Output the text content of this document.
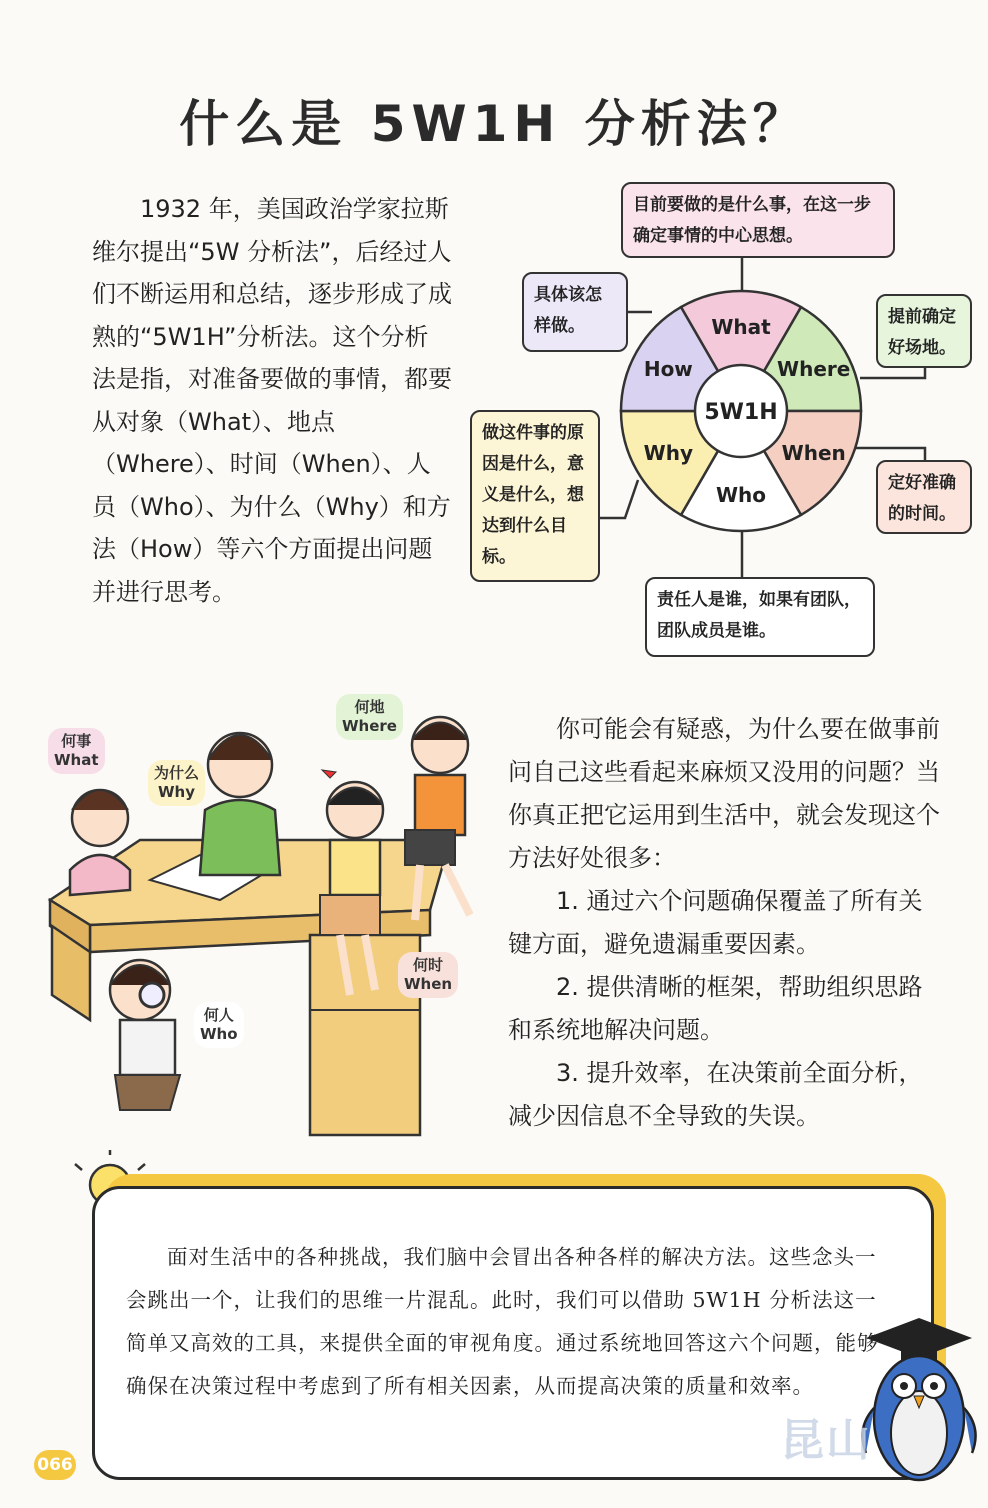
什么是 5W1H 分析法？

1932 年，美国政治学家拉斯维尔提出“5W 分析法”，后经过人们不断运用和总结，逐步形成了成熟的“5W1H”分析法。这个分析法是指，对准备要做的事情，都要从对象（What）、地点（Where）、时间（When）、人员（Who）、为什么（Why）和方法（How）等六个方面提出问题并进行思考。

5W1H
What
Where
When
Who
Why
How
目前要做的是什么事，在这一步确定事情的中心思想。
具体该怎样做。	提前确定好场地。
做这件事的原因是什么，意义是什么，想达到什么目标。
定好准确的时间。
责任人是谁，如果有团队，团队成员是谁。
何事
What
为什么
Why
何地
Where
何时
When
何人
Who

你可能会有疑惑，为什么要在做事前问自己这些看起来麻烦又没用的问题？当你真正把它运用到生活中，就会发现这个方法好处很多：

1. 通过六个问题确保覆盖了所有关键方面，避免遗漏重要因素。

2. 提供清晰的框架，帮助组织思路和系统地解决问题。

3. 提升效率，在决策前全面分析，减少因信息不全导致的失误。

面对生活中的各种挑战，我们脑中会冒出各种各样的解决方法。这些念头一会跳出一个，让我们的思维一片混乱。此时，我们可以借助 5W1H 分析法这一简单又高效的工具，来提供全面的审视角度。通过系统地回答这六个问题，能够确保在决策过程中考虑到了所有相关因素，从而提高决策的质量和效率。

昆山
066
